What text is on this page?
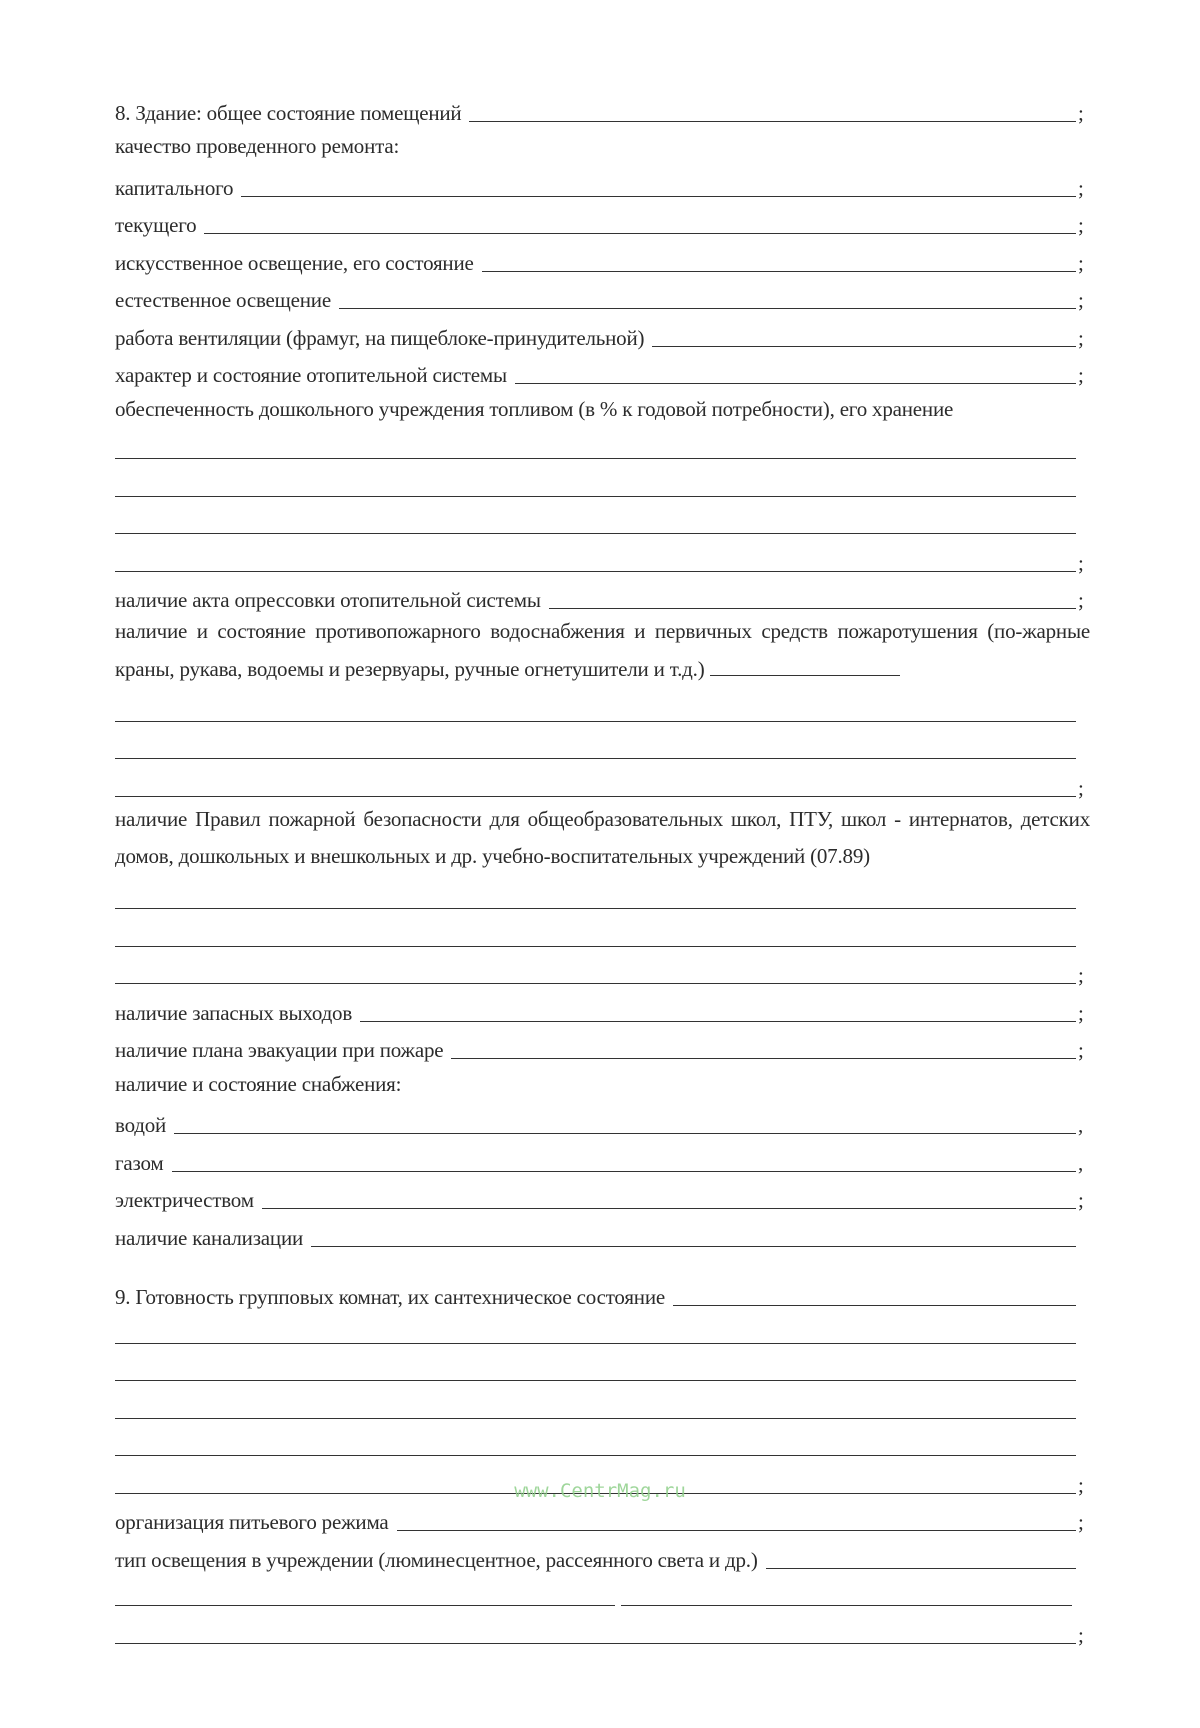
8. Здание: общее состояние помещений	;
качество проведенного ремонта:
капитального	;
текущего	;
искусственное освещение, его состояние	;
естественное освещение	;
работа вентиляции (фрамуг, на пищеблоке-принудительной)	;
характер и состояние отопительной системы	;
обеспеченность дошкольного учреждения топливом (в % к годовой потребности), его хранение
;
наличие акта опрессовки отопительной системы	;
наличие и состояние противопожарного водоснабжения и первичных средств пожаротушения (по-жарные краны, рукава, водоемы и резервуары, ручные огнетушители и т.д.)
;
наличие Правил пожарной безопасности для общеобразовательных школ, ПТУ, школ - интернатов, детских домов, дошкольных и внешкольных и др. учебно-воспитательных учреждений (07.89)
;
наличие запасных выходов	;
наличие плана эвакуации при пожаре	;
наличие и состояние снабжения:
водой	,
газом	,
электричеством	;
наличие канализации
9. Готовность групповых комнат, их сантехническое состояние
;
организация питьевого режима	;
тип освещения в учреждении (люминесцентное, рассеянного света и др.)
;
www.CentrMag.ru
